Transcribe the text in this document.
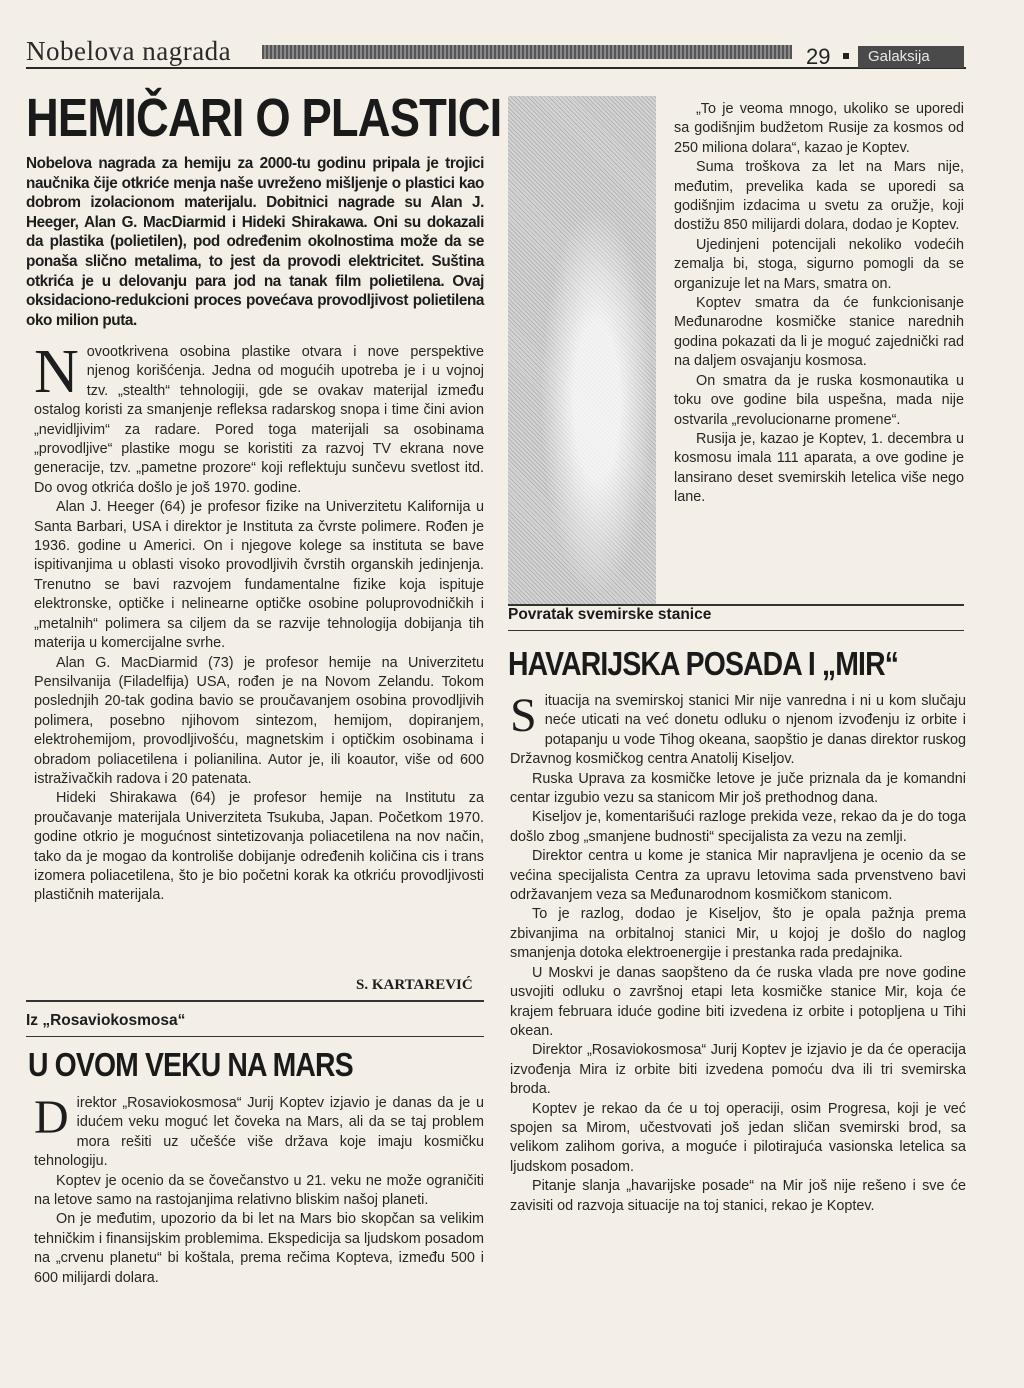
Nobelova nagrada	29	Galaksija
HEMIČARI O PLASTICI
Nobelova nagrada za hemiju za 2000-tu godinu pripala je trojici naučnika čije otkriće menja naše uvreženo mišljenje o plastici kao dobrom izolacionom materijalu. Dobitnici nagrade su Alan J. Heeger, Alan G. MacDiarmid i Hideki Shirakawa. Oni su dokazali da plastika (polietilen), pod određenim okolnostima može da se ponaša slično metalima, to jest da provodi elektricitet. Suština otkrića je u delovanju para jod na tanak film polietilena. Ovaj oksidaciono-redukcioni proces povećava provodljivost polietilena oko milion puta.
N ovootkrivena osobina plastike otvara i nove perspektive njenog korišćenja. Jedna od mogućih upotreba je i u vojnoj tzv. „stealth“ tehnologiji, gde se ovakav materijal između ostalog koristi za smanjenje refleksa radarskog snopa i time čini avion „nevidljivim“ za radare. Pored toga materijali sa osobinama „provodljive“ plastike mogu se koristiti za razvoj TV ekrana nove generacije, tzv. „pametne prozore“ koji reflektuju sunčevu svetlost itd. Do ovog otkrića došlo je još 1970. godine.

Alan J. Heeger (64) je profesor fizike na Univerzitetu Kalifornija u Santa Barbari, USA i direktor je Instituta za čvrste polimere. Rođen je 1936. godine u Americi. On i njegove kolege sa instituta se bave ispitivanjima u oblasti visoko provodljivih čvrstih organskih jedinjenja. Trenutno se bavi razvojem fundamentalne fizike koja ispituje elektronske, optičke i nelinearne optičke osobine poluprovodničkih i „metalnih“ polimera sa ciljem da se razvije tehnologija dobijanja tih materija u komercijalne svrhe.

Alan G. MacDiarmid (73) je profesor hemije na Univerzitetu Pensilvanija (Filadelfija) USA, rođen je na Novom Zelandu. Tokom poslednjih 20-tak godina bavio se proučavanjem osobina provodljivih polimera, posebno njihovom sintezom, hemijom, dopiranjem, elektrohemijom, provodljivošću, magnetskim i optičkim osobinama i obradom poliacetilena i polianilina. Autor je, ili koautor, više od 600 istraživačkih radova i 20 patenata.

Hideki Shirakawa (64) je profesor hemije na Institutu za proučavanje materijala Univerziteta Tsukuba, Japan. Početkom 1970. godine otkrio je mogućnost sintetizovanja poliacetilena na nov način, tako da je mogao da kontroliše dobijanje određenih količina cis i trans izomera poliacetilena, što je bio početni korak ka otkriću provodljivosti plastičnih materijala.

S. KARTAREVIĆ
Iz „Rosaviokosmosa“
U OVOM VEKU NA MARS
D irektor „Rosaviokosmosa“ Jurij Koptev izjavio je danas da je u idućem veku moguć let čoveka na Mars, ali da se taj problem mora rešiti uz učešće više država koje imaju kosmičku tehnologiju.

Koptev je ocenio da se čovečanstvo u 21. veku ne može ograničiti na letove samo na rastojanjima relativno bliskim našoj planeti.

On je međutim, upozorio da bi let na Mars bio skopčan sa velikim tehničkim i finansijskim problemima. Ekspedicija sa ljudskom posadom na „crvenu planetu“ bi koštala, prema rečima Kopteva, između 500 i 600 milijardi dolara.

„To je veoma mnogo, ukoliko se uporedi sa godišnjim budžetom Rusije za kosmos od 250 miliona dolara“, kazao je Koptev.

Suma troškova za let na Mars nije, međutim, prevelika kada se uporedi sa godišnjim izdacima u svetu za oružje, koji dostižu 850 milijardi dolara, dodao je Koptev.

Ujedinjeni potencijali nekoliko vodećih zemalja bi, stoga, sigurno pomogli da se organizuje let na Mars, smatra on.

Koptev smatra da će funkcionisanje Međunarodne kosmičke stanice narednih godina pokazati da li je moguć zajednički rad na daljem osvajanju kosmosa.

On smatra da je ruska kosmonautika u toku ove godine bila uspešna, mada nije ostvarila „revolucionarne promene“.

Rusija je, kazao je Koptev, 1. decembra u kosmosu imala 111 aparata, a ove godine je lansirano deset svemirskih letelica više nego lane.

Povratak svemirske stanice
HAVARIJSKA POSADA I „MIR“
S ituacija na svemirskoj stanici Mir nije vanredna i ni u kom slučaju neće uticati na već donetu odluku o njenom izvođenju iz orbite i potapanju u vode Tihog okeana, saopštio je danas direktor ruskog Državnog kosmičkog centra Anatolij Kiseljov.

Ruska Uprava za kosmičke letove je juče priznala da je komandni centar izgubio vezu sa stanicom Mir još prethodnog dana.

Kiseljov je, komentarišući razloge prekida veze, rekao da je do toga došlo zbog „smanjene budnosti“ specijalista za vezu na zemlji.

Direktor centra u kome je stanica Mir napravljena je ocenio da se većina specijalista Centra za upravu letovima sada prvenstveno bavi održavanjem veza sa Međunarodnom kosmičkom stanicom.

To je razlog, dodao je Kiseljov, što je opala pažnja prema zbivanjima na orbitalnoj stanici Mir, u kojoj je došlo do naglog smanjenja dotoka elektroenergije i prestanka rada predajnika.

U Moskvi je danas saopšteno da će ruska vlada pre nove godine usvojiti odluku o završnoj etapi leta kosmičke stanice Mir, koja će krajem februara iduće godine biti izvedena iz orbite i potopljena u Tihi okean.

Direktor „Rosaviokosmosa“ Jurij Koptev je izjavio je da će operacija izvođenja Mira iz orbite biti izvedena pomoću dva ili tri svemirska broda.

Koptev je rekao da će u toj operaciji, osim Progresa, koji je već spojen sa Mirom, učestvovati još jedan sličan svemirski brod, sa velikom zalihom goriva, a moguće i pilotirajuća vasionska letelica sa ljudskom posadom.

Pitanje slanja „havarijske posade“ na Mir još nije rešeno i sve će zavisiti od razvoja situacije na toj stanici, rekao je Koptev.
